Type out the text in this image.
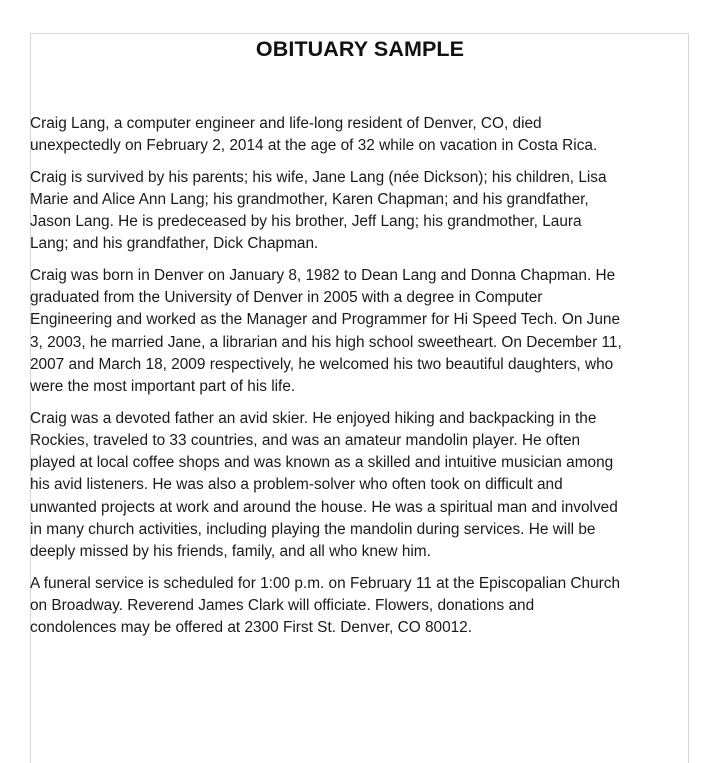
OBITUARY SAMPLE

Craig Lang, a computer engineer and life-long resident of Denver, CO, died
unexpectedly on February 2, 2014 at the age of 32 while on vacation in Costa Rica.

Craig is survived by his parents; his wife, Jane Lang (née Dickson); his children, Lisa
Marie and Alice Ann Lang; his grandmother, Karen Chapman; and his grandfather,
Jason Lang. He is predeceased by his brother, Jeff Lang; his grandmother, Laura
Lang; and his grandfather, Dick Chapman.

Craig was born in Denver on January 8, 1982 to Dean Lang and Donna Chapman. He
graduated from the University of Denver in 2005 with a degree in Computer
Engineering and worked as the Manager and Programmer for Hi Speed Tech. On June
3, 2003, he married Jane, a librarian and his high school sweetheart. On December 11,
2007 and March 18, 2009 respectively, he welcomed his two beautiful daughters, who
were the most important part of his life.

Craig was a devoted father an avid skier. He enjoyed hiking and backpacking in the
Rockies, traveled to 33 countries, and was an amateur mandolin player. He often
played at local coffee shops and was known as a skilled and intuitive musician among
his avid listeners. He was also a problem-solver who often took on difficult and
unwanted projects at work and around the house. He was a spiritual man and involved
in many church activities, including playing the mandolin during services. He will be
deeply missed by his friends, family, and all who knew him.

A funeral service is scheduled for 1:00 p.m. on February 11 at the Episcopalian Church
on Broadway. Reverend James Clark will officiate. Flowers, donations and
condolences may be offered at 2300 First St. Denver, CO 80012.
